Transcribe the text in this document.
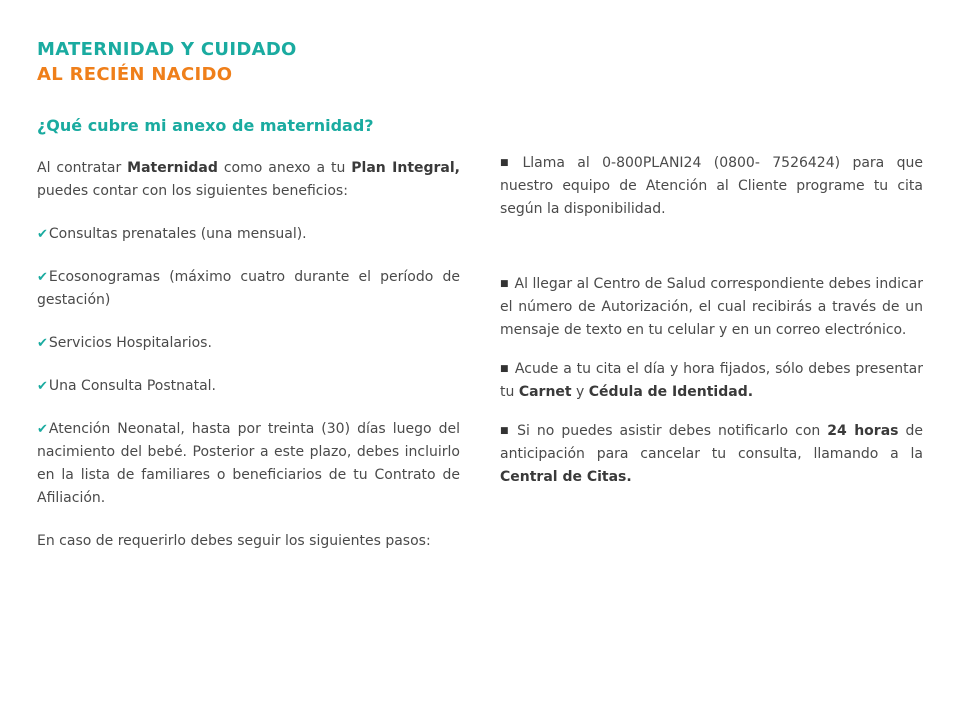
MATERNIDAD Y CUIDADO
AL RECIÉN NACIDO
¿Qué cubre mi anexo de maternidad?

Al contratar Maternidad como anexo a tu Plan Integral, puedes contar con los siguientes beneficios:

✔Consultas prenatales (una mensual).

✔Ecosonogramas (máximo cuatro durante el período de gestación)

✔Servicios Hospitalarios.

✔Una Consulta Postnatal.

✔Atención Neonatal, hasta por treinta (30) días luego del nacimiento del bebé. Posterior a este plazo, debes incluirlo en la lista de familiares o beneficiarios de tu Contrato de Afiliación.

En caso de requerirlo debes seguir los siguientes pasos:

■ Llama al 0-800PLANI24 (0800- 7526424) para que nuestro equipo de Atención al Cliente programe tu cita según la disponibilidad.

■ Al llegar al Centro de Salud correspondiente debes indicar el número de Autorización, el cual recibirás a través de un mensaje de texto en tu celular y en un correo electrónico.

■ Acude a tu cita el día y hora fijados, sólo debes presentar tu Carnet y Cédula de Identidad.

■ Si no puedes asistir debes notificarlo con 24 horas de anticipación para cancelar tu consulta, llamando a la Central de Citas.
